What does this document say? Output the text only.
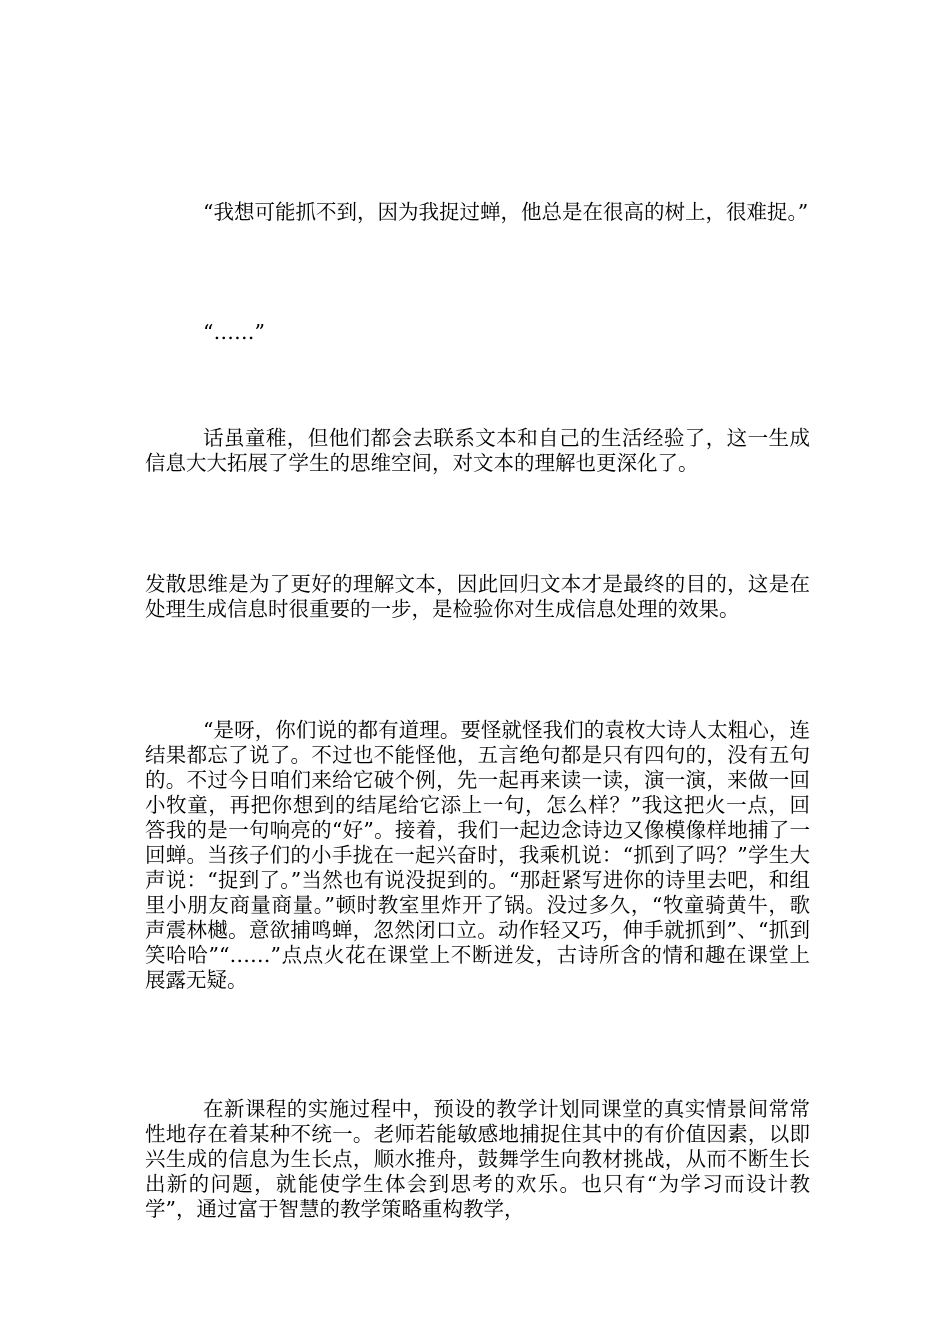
“我想可能抓不到，因为我捉过蝉，他总是在很高的树上，很难捉。”

“……”

话虽童稚，但他们都会去联系文本和自己的生活经验了，这一生成信息大大拓展了学生的思维空间，对文本的理解也更深化了。

发散思维是为了更好的理解文本，因此回归文本才是最终的目的，这是在处理生成信息时很重要的一步，是检验你对生成信息处理的效果。

“是呀，你们说的都有道理。要怪就怪我们的袁枚大诗人太粗心，连结果都忘了说了。不过也不能怪他，五言绝句都是只有四句的，没有五句的。不过今日咱们来给它破个例，先一起再来读一读，演一演，来做一回小牧童，再把你想到的结尾给它添上一句，怎么样？”我这把火一点，回答我的是一句响亮的“好”。接着，我们一起边念诗边又像模像样地捕了一回蝉。当孩子们的小手拢在一起兴奋时，我乘机说：“抓到了吗？”学生大声说：“捉到了。”当然也有说没捉到的。“那赶紧写进你的诗里去吧，和组里小朋友商量商量。”顿时教室里炸开了锅。没过多久，“牧童骑黄牛，歌声震林樾。意欲捕鸣蝉，忽然闭口立。动作轻又巧，伸手就抓到”、“抓到笑哈哈”“……”点点火花在课堂上不断迸发，古诗所含的情和趣在课堂上展露无疑。

在新课程的实施过程中，预设的教学计划同课堂的真实情景间常常性地存在着某种不统一。老师若能敏感地捕捉住其中的有价值因素，以即兴生成的信息为生长点，顺水推舟，鼓舞学生向教材挑战，从而不断生长出新的问题，就能使学生体会到思考的欢乐。也只有“为学习而设计教学”，通过富于智慧的教学策略重构教学，
